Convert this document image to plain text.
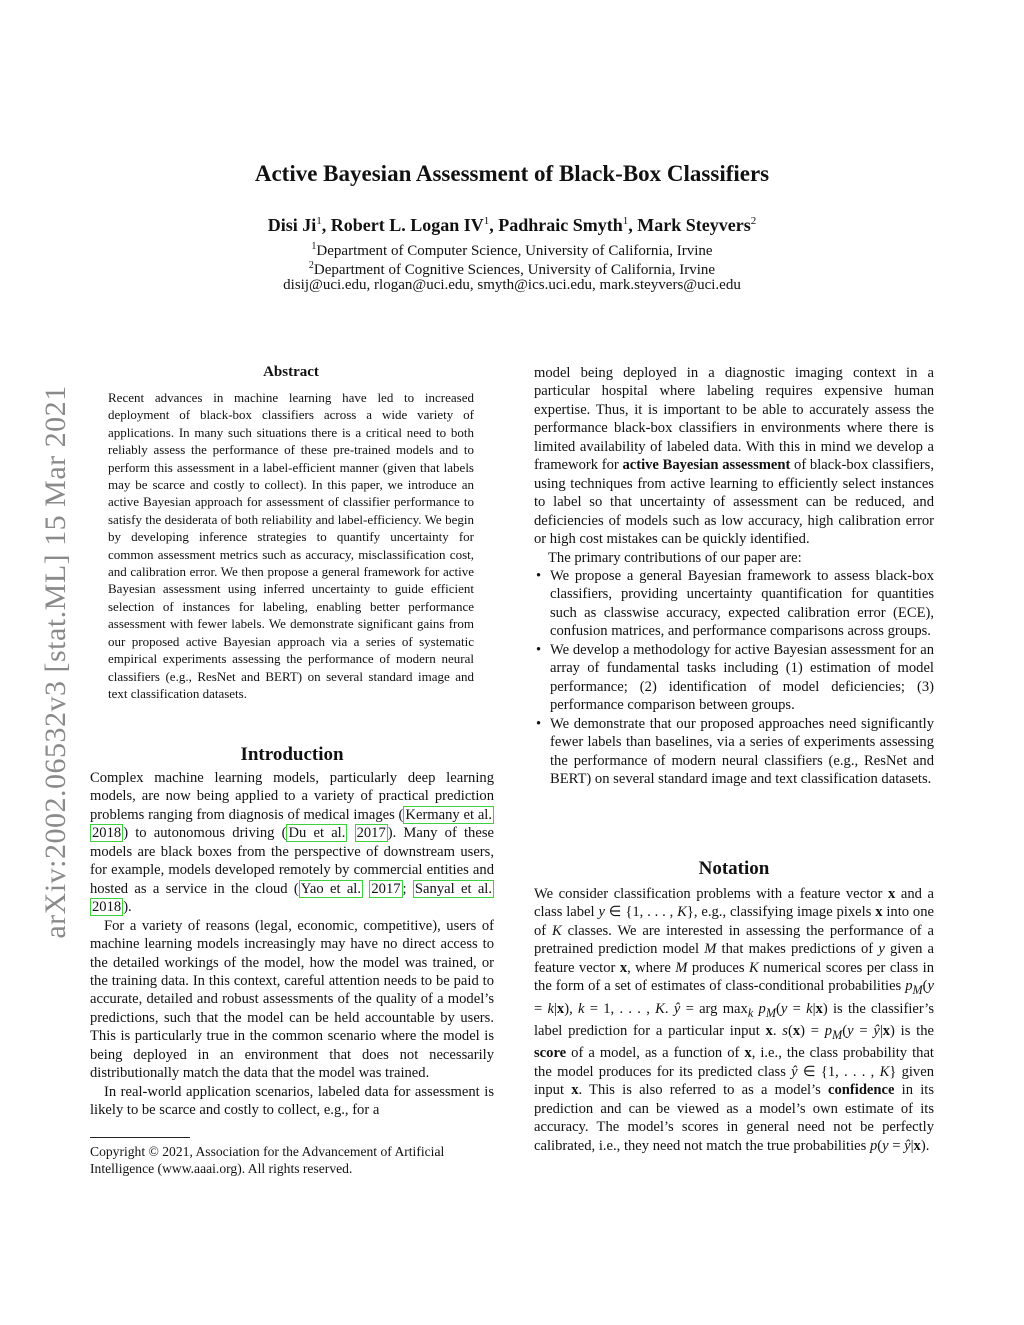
arXiv:2002.06532v3 [stat.ML] 15 Mar 2021
Active Bayesian Assessment of Black-Box Classifiers
Disi Ji$^1$, Robert L. Logan $IV^1$, Padhraic Smyth$^1$, Mark Steyvers$^2$
$^1$Department of Computer Science, University of California, Irvine
$^2$Department of Cognitive Sciences, University of California, Irvine
disij@uci.edu, rlogan@uci.edu, smyth@ics.uci.edu, mark.steyvers@uci.edu
Abstract
Recent advances in machine learning have led to increased deployment of black-box classifiers across a wide variety of applications. In many such situations there is a critical need to both reliably assess the performance of these pre-trained models and to perform this assessment in a label-efficient manner (given that labels may be scarce and costly to collect). In this paper, we introduce an active Bayesian approach for assessment of classifier performance to satisfy the desiderata of both reliability and label-efficiency. We begin by developing inference strategies to quantify uncertainty for common assessment metrics such as accuracy, misclassification cost, and calibration error. We then propose a general framework for active Bayesian assessment using inferred uncertainty to guide efficient selection of instances for labeling, enabling better performance assessment with fewer labels. We demonstrate significant gains from our proposed active Bayesian approach via a series of systematic empirical experiments assessing the performance of modern neural classifiers (e.g., ResNet and BERT) on several standard image and text classification datasets.
Introduction

Complex machine learning models, particularly deep learning models, are now being applied to a variety of practical prediction problems ranging from diagnosis of medical images ( Kermany et al. 2018 ) to autonomous driving ( Du et al. 2017 ). Many of these models are black boxes from the perspective of downstream users, for example, models developed remotely by commercial entities and hosted as a service in the cloud ( Yao et al. 2017 ; Sanyal et al. 2018 ).

For a variety of reasons (legal, economic, competitive), users of machine learning models increasingly may have no direct access to the detailed workings of the model, how the model was trained, or the training data. In this context, careful attention needs to be paid to accurate, detailed and robust assessments of the quality of a model’s predictions, such that the model can be held accountable by users. This is particularly true in the common scenario where the model is being deployed in an environment that does not necessarily distributionally match the data that the model was trained.

In real-world application scenarios, labeled data for assessment is likely to be scarce and costly to collect, e.g., for a

Copyright © 2021, Association for the Advancement of Artificial Intelligence (www.aaai.org). All rights reserved.

model being deployed in a diagnostic imaging context in a particular hospital where labeling requires expensive human expertise. Thus, it is important to be able to accurately assess the performance black-box classifiers in environments where there is limited availability of labeled data. With this in mind we develop a framework for active Bayesian assessment of black-box classifiers, using techniques from active learning to efficiently select instances to label so that uncertainty of assessment can be reduced, and deficiencies of models such as low accuracy, high calibration error or high cost mistakes can be quickly identified.

The primary contributions of our paper are:

• We propose a general Bayesian framework to assess black-box classifiers, providing uncertainty quantification for quantities such as classwise accuracy, expected calibration error (ECE), confusion matrices, and performance comparisons across groups.
• We develop a methodology for active Bayesian assessment for an array of fundamental tasks including (1) estimation of model performance; (2) identification of model deficiencies; (3) performance comparison between groups.
• We demonstrate that our proposed approaches need significantly fewer labels than baselines, via a series of experiments assessing the performance of modern neural classifiers (e.g., ResNet and BERT) on several standard image and text classification datasets.
Notation

We consider classification problems with a feature vector x and a class label y ∈ {1, . . . , K}, e.g., classifying image pixels x into one of K classes. We are interested in assessing the performance of a pretrained prediction model M that makes predictions of y given a feature vector x, where M produces K numerical scores per class in the form of a set of estimates of class-conditional probabilities $p_M(y = k|x)$, k = 1, . . . , K. ŷ = arg $\max_k p_M(y = k|x)$ is the classifier’s label prediction for a particular input x. $s(x) = p_M(y$ = ŷ|x) is the score of a model, as a function of x, i.e., the class probability that the model produces for its predicted class ŷ ∈ {1, . . . , K} given input x. This is also referred to as a model’s confidence in its prediction and can be viewed as a model’s own estimate of its accuracy. The model’s scores in general need not be perfectly calibrated, i.e., they need not match the true probabilities p(y = ŷ|x).
